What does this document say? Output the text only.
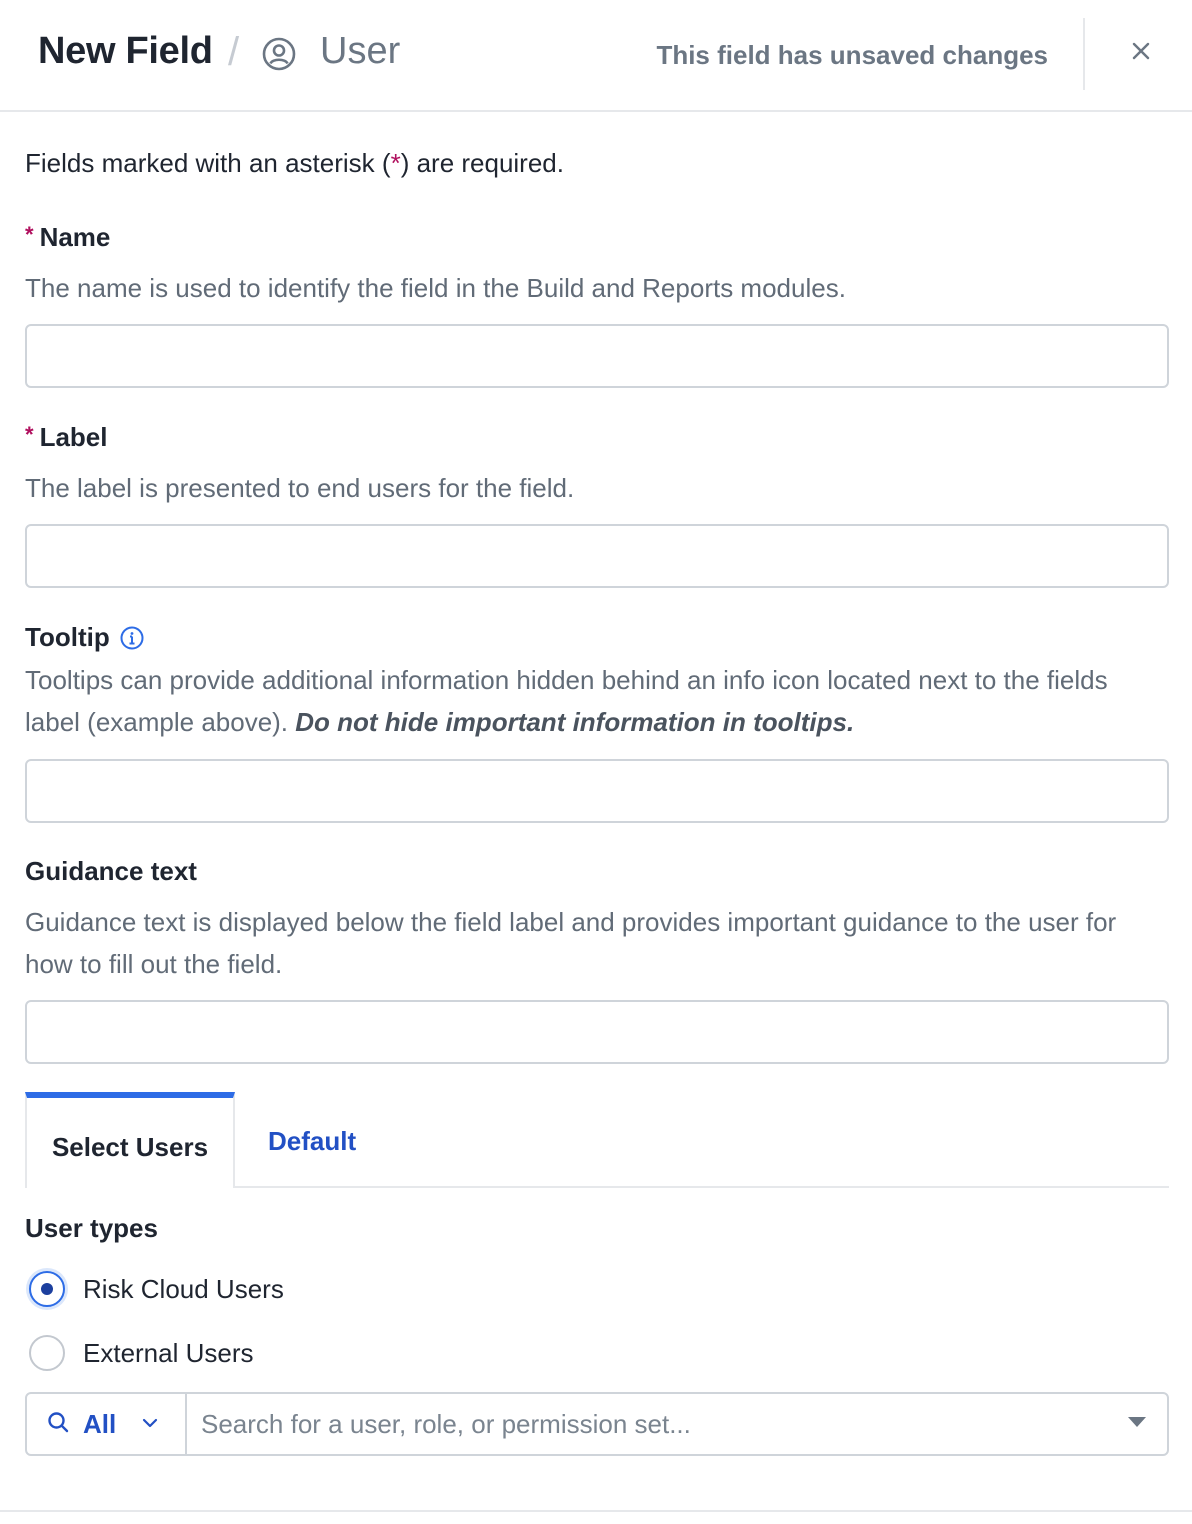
New Field / User	This field has unsaved changes
Fields marked with an asterisk (*) are required.
* Name
The name is used to identify the field in the Build and Reports modules.
* Label
The label is presented to end users for the field.
Tooltip
Tooltips can provide additional information hidden behind an info icon located next to the fields label (example above). Do not hide important information in tooltips.
Guidance text
Guidance text is displayed below the field label and provides important guidance to the user for how to fill out the field.
Select Users	Default
User types
Risk Cloud Users
External Users
All
Search for a user, role, or permission set...
